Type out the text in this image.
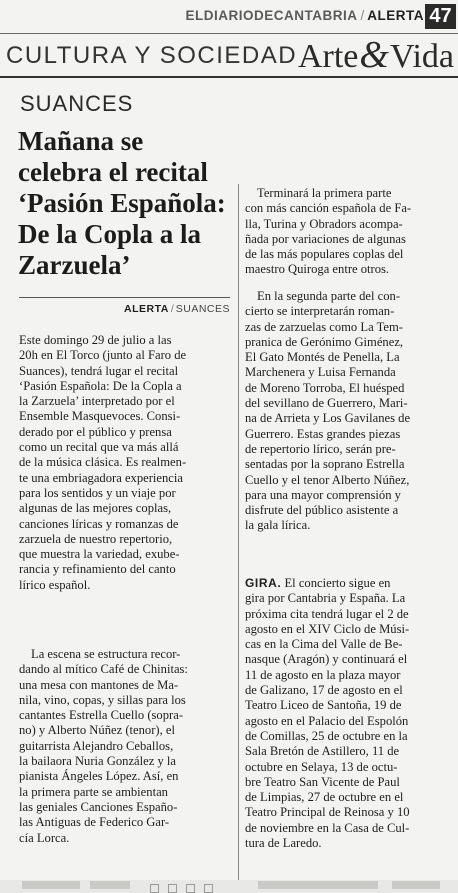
ELDIARIODECANTABRIA / ALERTA 47
CULTURA Y SOCIEDAD Arte&Vida
SUANCES
Mañana se
celebra el recital
‘Pasión Española:
De la Copla a la
Zarzuela’
ALERTA / SUANCES
Este domingo 29 de julio a las
20h en El Torco (junto al Faro de
Suances), tendrá lugar el recital
‘Pasión Española: De la Copla a
la Zarzuela’ interpretado por el
Ensemble Masquevoces. Consi-
derado por el público y prensa
como un recital que va más allá
de la música clásica. Es realmen-
te una embriagadora experiencia
para los sentidos y un viaje por
algunas de las mejores coplas,
canciones líricas y romanzas de
zarzuela de nuestro repertorio,
que muestra la variedad, exube-
rancia y refinamiento del canto
lírico español.
La escena se estructura recor-
dando al mítico Café de Chinitas:
una mesa con mantones de Ma-
nila, vino, copas, y sillas para los
cantantes Estrella Cuello (sopra-
no) y Alberto Núñez (tenor), el
guitarrista Alejandro Ceballos,
la bailaora Nuria González y la
pianista Ángeles López. Así, en
la primera parte se ambientan
las geniales Canciones Españo-
las Antiguas de Federico Gar-
cía Lorca.
Terminará la primera parte
con más canción española de Fa-
lla, Turina y Obradors acompa-
ñada por variaciones de algunas
de las más populares coplas del
maestro Quiroga entre otros.
En la segunda parte del con-
cierto se interpretarán roman-
zas de zarzuelas como La Tem-
pranica de Gerónimo Giménez,
El Gato Montés de Penella, La
Marchenera y Luisa Fernanda
de Moreno Torroba, El huésped
del sevillano de Guerrero, Mari-
na de Arrieta y Los Gavilanes de
Guerrero. Estas grandes piezas
de repertorio lírico, serán pre-
sentadas por la soprano Estrella
Cuello y el tenor Alberto Núñez,
para una mayor comprensión y
disfrute del público asistente a
la gala lírica.
GIRA. El concierto sigue en
gira por Cantabria y España. La
próxima cita tendrá lugar el 2 de
agosto en el XIV Ciclo de Músi-
cas en la Cima del Valle de Be-
nasque (Aragón) y continuará el
11 de agosto en la plaza mayor
de Galizano, 17 de agosto en el
Teatro Liceo de Santoña, 19 de
agosto en el Palacio del Espolón
de Comillas, 25 de octubre en la
Sala Bretón de Astillero, 11 de
octubre en Selaya, 13 de octu-
bre Teatro San Vicente de Paul
de Limpias, 27 de octubre en el
Teatro Principal de Reinosa y 10
de noviembre en la Casa de Cul-
tura de Laredo.
